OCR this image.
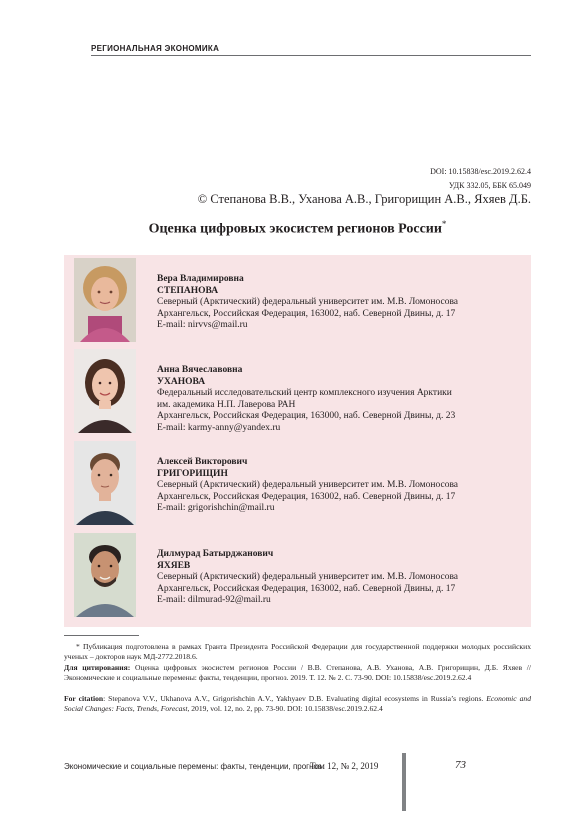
РЕГИОНАЛЬНАЯ ЭКОНОМИКА
DOI: 10.15838/esc.2019.2.62.4
УДК 332.05, ББК 65.049
© Степанова В.В., Уханова А.В., Григорищин А.В., Яхяев Д.Б.
Оценка цифровых экосистем регионов России*
Вера Владимировна
СТЕПАНОВА
Северный (Арктический) федеральный университет им. М.В. Ломоносова
Архангельск, Российская Федерация, 163002, наб. Северной Двины, д. 17
E-mail: nirvvs@mail.ru
Анна Вячеславовна
УХАНОВА
Федеральный исследовательский центр комплексного изучения Арктики
им. академика Н.П. Лаверова РАН
Архангельск, Российская Федерация, 163000, наб. Северной Двины, д. 23
E-mail: karmy-anny@yandex.ru
Алексей Викторович
ГРИГОРИЩИН
Северный (Арктический) федеральный университет им. М.В. Ломоносова
Архангельск, Российская Федерация, 163002, наб. Северной Двины, д. 17
E-mail: grigorishchin@mail.ru
Дилмурад Батырджанович
ЯХЯЕВ
Северный (Арктический) федеральный университет им. М.В. Ломоносова
Архангельск, Российская Федерация, 163002, наб. Северной Двины, д. 17
E-mail: dilmurad-92@mail.ru
* Публикация подготовлена в рамках Гранта Президента Российской Федерации для государственной поддержки молодых российских ученых – докторов наук МД-2772.2018.6.
Для цитирования: Оценка цифровых экосистем регионов России / В.В. Степанова, А.В. Уханова, А.В. Григорищин, Д.Б. Яхяев // Экономические и социальные перемены: факты, тенденции, прогноз. 2019. Т. 12. № 2. С. 73-90. DOI: 10.15838/esc.2019.2.62.4
For citation: Stepanova V.V., Ukhanova A.V., Grigorishchin A.V., Yakhyaev D.B. Evaluating digital ecosystems in Russia’s regions. Economic and Social Changes: Facts, Trends, Forecast, 2019, vol. 12, no. 2, pp. 73-90. DOI: 10.15838/esc.2019.2.62.4
Экономические и социальные перемены: факты, тенденции, прогноз
Том 12, № 2, 2019	73
